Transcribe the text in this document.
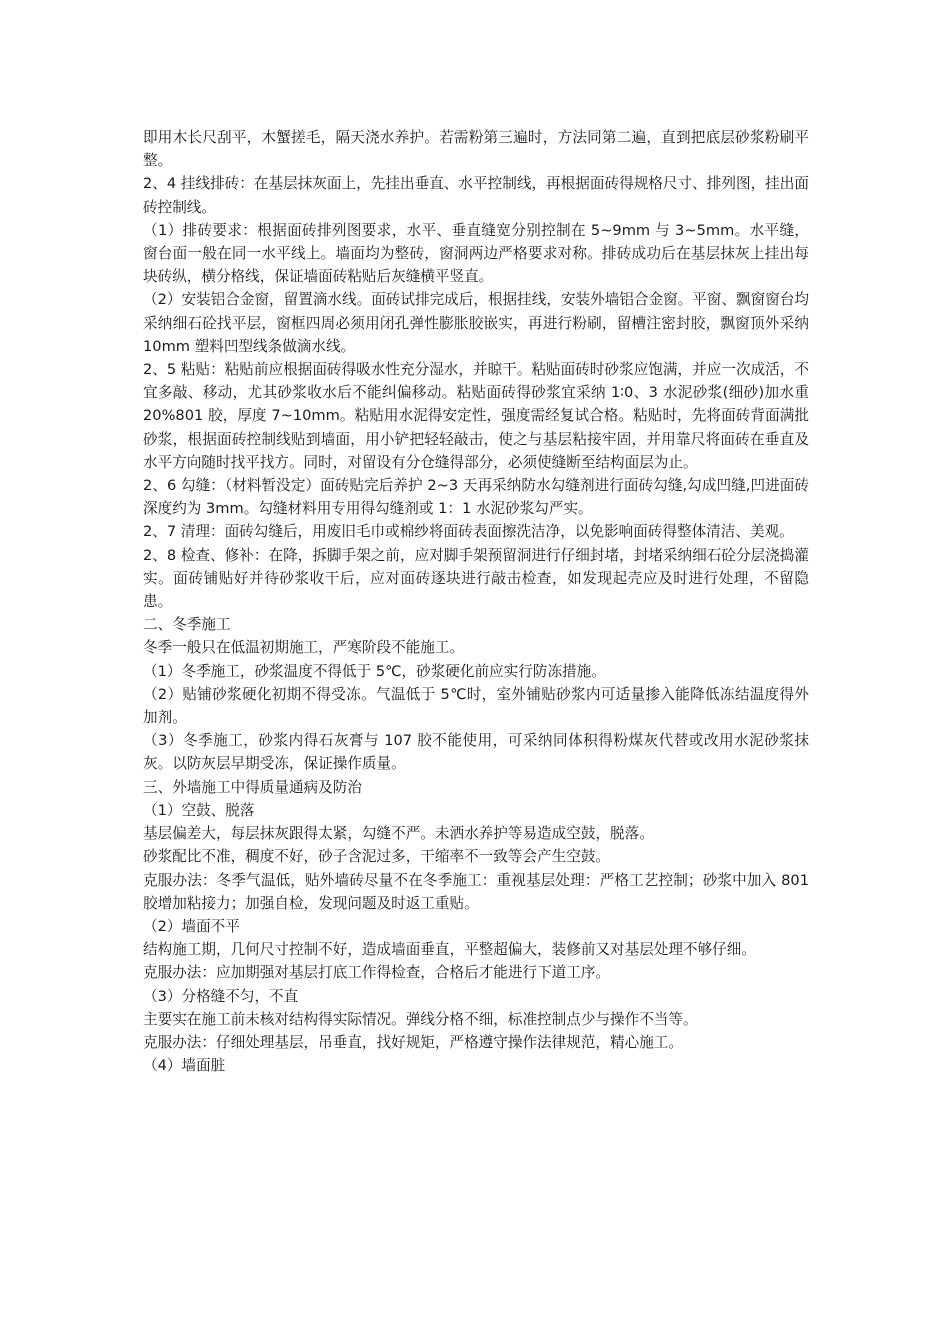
即用木长尺刮平，木蟹搓毛，隔天浇水养护。若需粉第三遍时，方法同第二遍，直到把底层砂浆粉刷平整。

2、4 挂线排砖：在基层抹灰面上，先挂出垂直、水平控制线，再根据面砖得规格尺寸、排列图，挂出面砖控制线。

（1）排砖要求：根据面砖排列图要求，水平、垂直缝宽分别控制在 5~9mm 与 3~5mm。水平缝，窗台面一般在同一水平线上。墙面均为整砖，窗洞两边严格要求对称。排砖成功后在基层抹灰上挂出每块砖纵，横分格线，保证墙面砖粘贴后灰缝横平竖直。

（2）安装铝合金窗，留置滴水线。面砖试排完成后，根据挂线，安装外墙铝合金窗。平窗、飘窗窗台均采纳细石砼找平层，窗框四周必须用闭孔弹性膨胀胶嵌实，再进行粉刷，留槽注密封胶，飘窗顶外采纳 10mm 塑料凹型线条做滴水线。

2、5 粘贴：粘贴前应根据面砖得吸水性充分湿水，并晾干。粘贴面砖时砂浆应饱满，并应一次成活，不宜多敲、移动，尤其砂浆收水后不能纠偏移动。粘贴面砖得砂浆宜采纳 1∶0、3 水泥砂浆(细砂)加水重 20%801 胶，厚度 7~10mm。粘贴用水泥得安定性，强度需经复试合格。粘贴时，先将面砖背面满批砂浆，根据面砖控制线贴到墙面，用小铲把轻轻敲击，使之与基层粘接牢固，并用靠尺将面砖在垂直及水平方向随时找平找方。同时，对留设有分仓缝得部分，必须使缝断至结构面层为止。

2、6 勾缝：（材料暂没定）面砖贴完后养护 2~3 天再采纳防水勾缝剂进行面砖勾缝,勾成凹缝,凹进面砖深度约为 3mm。勾缝材料用专用得勾缝剂或 1：1 水泥砂浆勾严实。

2、7 清理：面砖勾缝后，用废旧毛巾或棉纱将面砖表面擦洗洁净，以免影响面砖得整体清洁、美观。

2、8 检查、修补：在降，拆脚手架之前，应对脚手架预留洞进行仔细封堵，封堵采纳细石砼分层浇捣灌实。面砖铺贴好并待砂浆收干后，应对面砖逐块进行敲击检查，如发现起壳应及时进行处理，不留隐患。

二、冬季施工

冬季一般只在低温初期施工，严寒阶段不能施工。

（1）冬季施工，砂浆温度不得低于 5℃，砂浆硬化前应实行防冻措施。

（2）贴铺砂浆硬化初期不得受冻。气温低于 5℃时，室外铺贴砂浆内可适量掺入能降低冻结温度得外加剂。

（3）冬季施工，砂浆内得石灰膏与 107 胶不能使用，可采纳同体积得粉煤灰代替或改用水泥砂浆抹灰。以防灰层早期受冻，保证操作质量。

三、外墙施工中得质量通病及防治

（1）空鼓、脱落

基层偏差大，每层抹灰跟得太紧，勾缝不严。未洒水养护等易造成空鼓，脱落。

砂浆配比不准，稠度不好，砂子含泥过多，干缩率不一致等会产生空鼓。

克服办法：冬季气温低，贴外墙砖尽量不在冬季施工：重视基层处理：严格工艺控制；砂浆中加入 801 胶增加粘接力；加强自检，发现问题及时返工重贴。

（2）墙面不平

结构施工期，几何尺寸控制不好，造成墙面垂直，平整超偏大，装修前又对基层处理不够仔细。

克服办法：应加期强对基层打底工作得检查，合格后才能进行下道工序。

（3）分格缝不匀，不直

主要实在施工前未核对结构得实际情况。弹线分格不细，标准控制点少与操作不当等。

克服办法：仔细处理基层，吊垂直，找好规矩，严格遵守操作法律规范，精心施工。

（4）墙面脏
